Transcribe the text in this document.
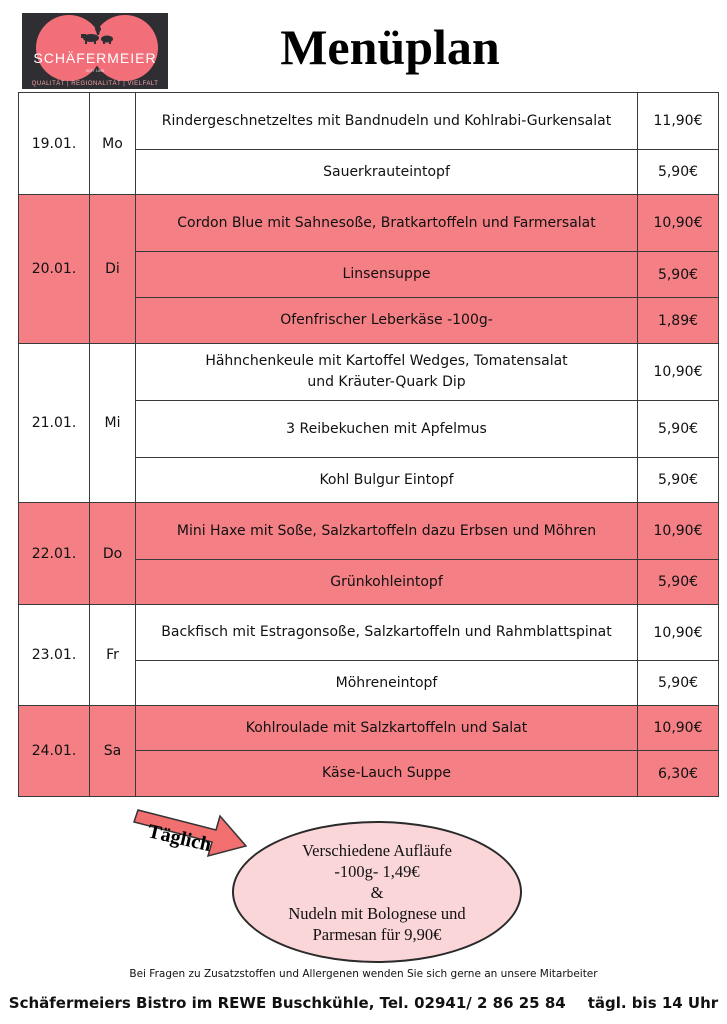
SCHÄFERMEIER
SEIT 1895
QUALITÄT | REGIONALITÄT | VIELFALT
Menüplan
19.01.	Mo	Rindergeschnetzeltes mit Bandnudeln und Kohlrabi-Gurkensalat	11,90€
		Sauerkrauteintopf	5,90€
20.01.	Di	Cordon Blue mit Sahnesoße, Bratkartoffeln und Farmersalat	10,90€
		Linsensuppe	5,90€
		Ofenfrischer Leberkäse -100g-	1,89€
21.01.	Mi	Hähnchenkeule mit Kartoffel Wedges, Tomatensalat
und Kräuter-Quark Dip	10,90€
		3 Reibekuchen mit Apfelmus	5,90€
		Kohl Bulgur Eintopf	5,90€
22.01.	Do	Mini Haxe mit Soße, Salzkartoffeln dazu Erbsen und Möhren	10,90€
		Grünkohleintopf	5,90€
23.01.	Fr	Backfisch mit Estragonsoße, Salzkartoffeln und Rahmblattspinat	10,90€
		Möhreneintopf	5,90€
24.01.	Sa	Kohlroulade mit Salzkartoffeln und Salat	10,90€
		Käse-Lauch Suppe	6,30€
Täglich	Verschiedene Aufläufe
-100g- 1,49€
&
Nudeln mit Bolognese und
Parmesan für 9,90€
Bei Fragen zu Zusatzstoffen und Allergenen wenden Sie sich gerne an unsere Mitarbeiter
Schäfermeiers Bistro im REWE Buschkühle, Tel. 02941/ 2 86 25 84 tägl. bis 14 Uhr
